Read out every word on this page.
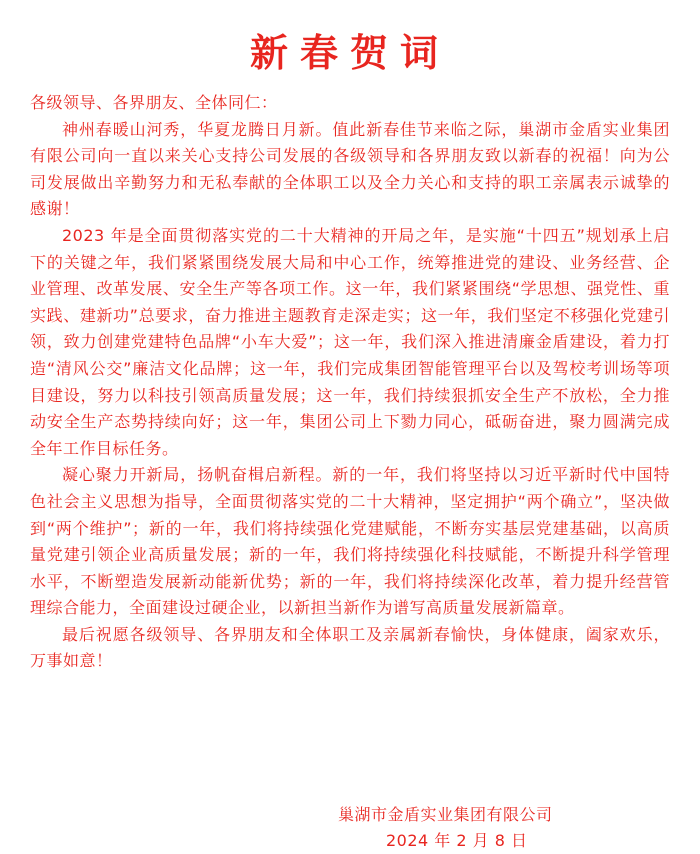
新春贺词

各级领导、各界朋友、全体同仁：

神州春暖山河秀，华夏龙腾日月新。值此新春佳节来临之际，巢湖市金盾实业集团有限公司向一直以来关心支持公司发展的各级领导和各界朋友致以新春的祝福！向为公司发展做出辛勤努力和无私奉献的全体职工以及全力关心和支持的职工亲属表示诚挚的感谢！

2023 年是全面贯彻落实党的二十大精神的开局之年，是实施“十四五”规划承上启下的关键之年，我们紧紧围绕发展大局和中心工作，统筹推进党的建设、业务经营、企业管理、改革发展、安全生产等各项工作。这一年，我们紧紧围绕“学思想、强党性、重实践、建新功”总要求，奋力推进主题教育走深走实；这一年，我们坚定不移强化党建引领，致力创建党建特色品牌“小车大爱”；这一年，我们深入推进清廉金盾建设，着力打造“清风公交”廉洁文化品牌；这一年，我们完成集团智能管理平台以及驾校考训场等项目建设，努力以科技引领高质量发展；这一年，我们持续狠抓安全生产不放松，全力推动安全生产态势持续向好；这一年，集团公司上下勠力同心，砥砺奋进，聚力圆满完成全年工作目标任务。

凝心聚力开新局，扬帆奋楫启新程。新的一年，我们将坚持以习近平新时代中国特色社会主义思想为指导，全面贯彻落实党的二十大精神，坚定拥护“两个确立”，坚决做到“两个维护”；新的一年，我们将持续强化党建赋能，不断夯实基层党建基础，以高质量党建引领企业高质量发展；新的一年，我们将持续强化科技赋能，不断提升科学管理水平，不断塑造发展新动能新优势；新的一年，我们将持续深化改革，着力提升经营管理综合能力，全面建设过硬企业，以新担当新作为谱写高质量发展新篇章。

最后祝愿各级领导、各界朋友和全体职工及亲属新春愉快，身体健康，阖家欢乐，万事如意！

巢湖市金盾实业集团有限公司
2024 年 2 月 8 日
